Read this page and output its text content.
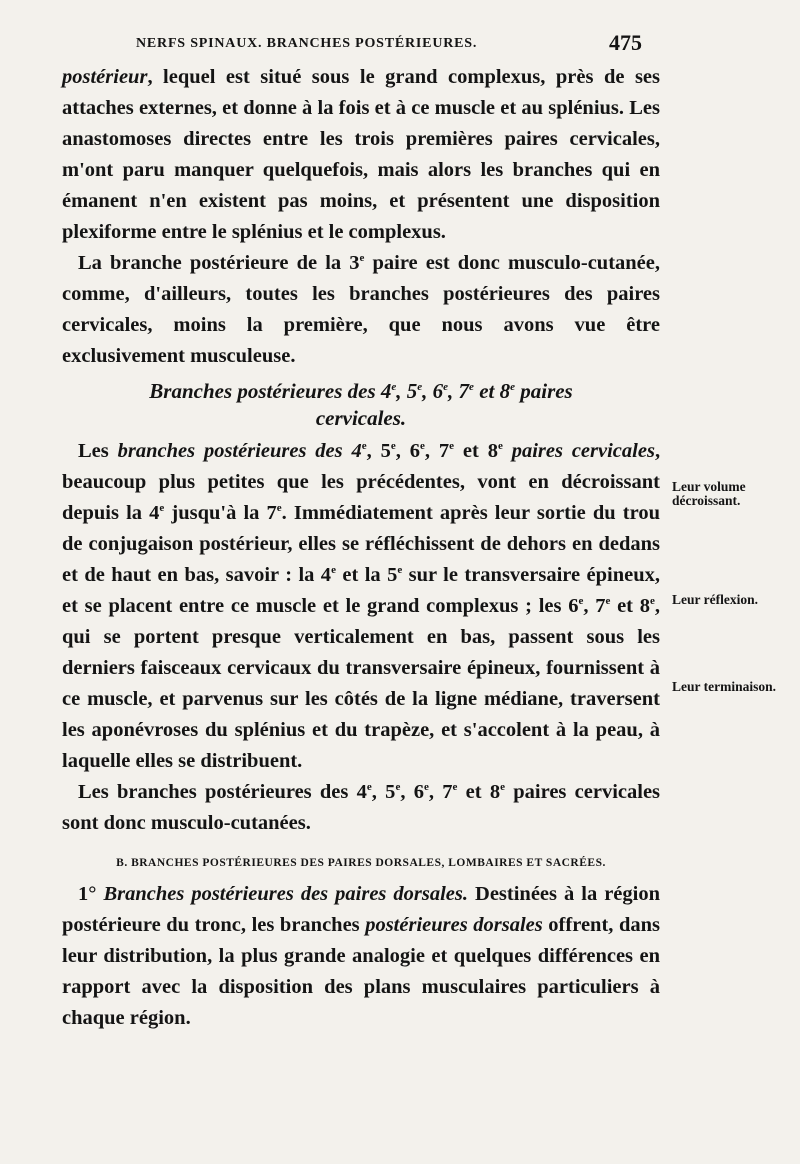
NERFS SPINAUX. BRANCHES POSTÉRIEURES.	475

postérieur, lequel est situé sous le grand complexus, près de ses attaches externes, et donne à la fois et à ce muscle et au splénius. Les anastomoses directes entre les trois premières paires cervicales, m'ont paru manquer quelquefois, mais alors les branches qui en émanent n'en existent pas moins, et présentent une disposition plexiforme entre le splénius et le complexus.

La branche postérieure de la 3e paire est donc musculo-cutanée, comme, d'ailleurs, toutes les branches postérieures des paires cervicales, moins la première, que nous avons vue être exclusivement musculeuse.

Branches postérieures des 4e, 5e, 6e, 7e et 8e paires
cervicales.

Les branches postérieures des 4e, 5e, 6e, 7e et 8e paires cervicales, beaucoup plus petites que les précédentes, vont en décroissant depuis la 4e jusqu'à la 7e. Immédiatement après leur sortie du trou de conjugaison postérieur, elles se réfléchissent de dehors en dedans et de haut en bas, savoir : la 4e et la 5e sur le transversaire épineux, et se placent entre ce muscle et le grand complexus ; les 6e, 7e et 8e, qui se portent presque verticalement en bas, passent sous les derniers faisceaux cervicaux du transversaire épineux, fournissent à ce muscle, et parvenus sur les côtés de la ligne médiane, traversent les aponévroses du splénius et du trapèze, et s'accolent à la peau, à laquelle elles se distribuent.

Les branches postérieures des 4e, 5e, 6e, 7e et 8e paires cervicales sont donc musculo-cutanées.

B. BRANCHES POSTÉRIEURES DES PAIRES DORSALES, LOMBAIRES ET SACRÉES.

1° Branches postérieures des paires dorsales. Destinées à la région postérieure du tronc, les branches postérieures dorsales offrent, dans leur distribution, la plus grande analogie et quelques différences en rapport avec la disposition des plans musculaires particuliers à chaque région.

Leur volume décroissant.
Leur réflexion.
Leur terminaison.
